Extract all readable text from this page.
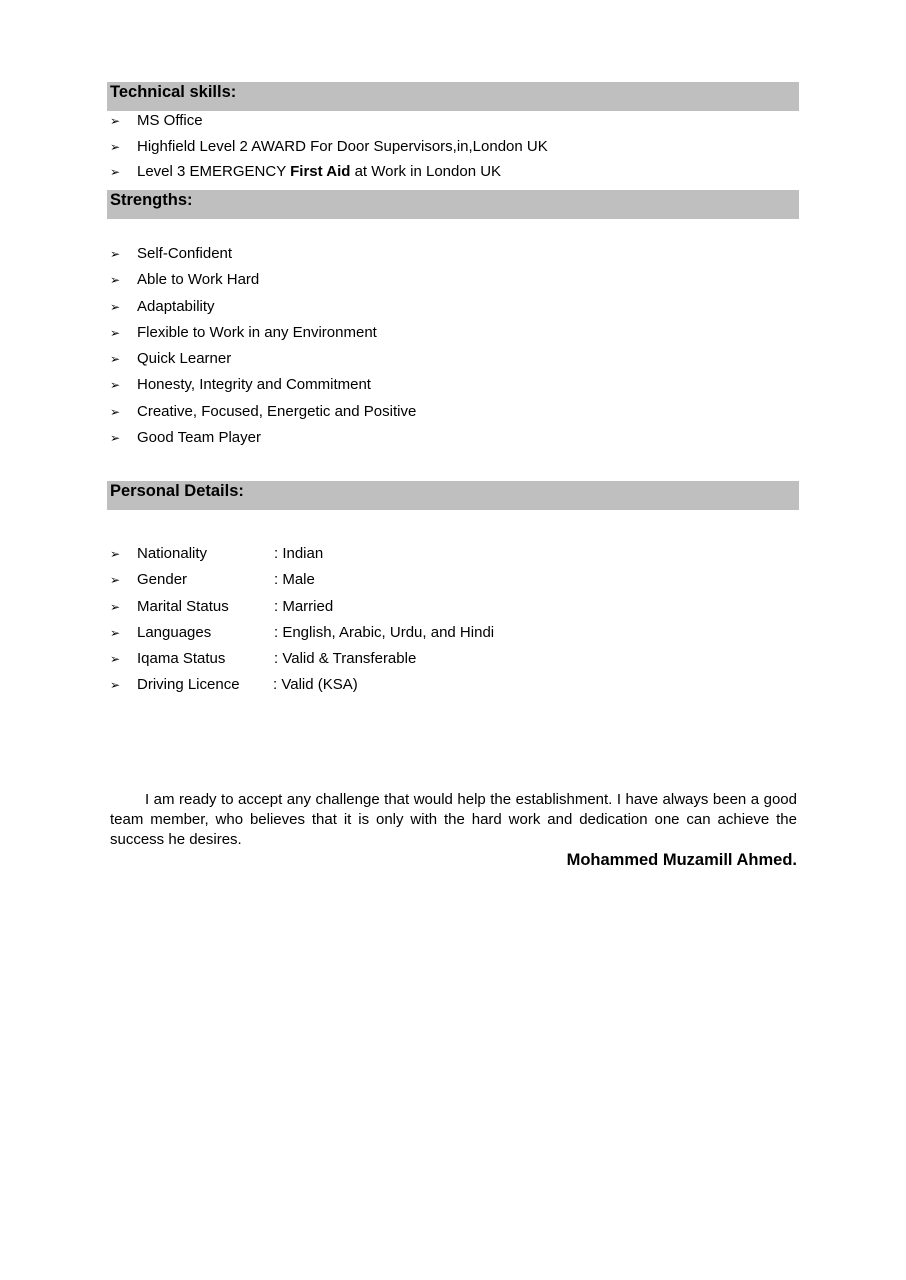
Technical skills:
➢ MS Office
➢ Highfield Level 2 AWARD For Door Supervisors,in,London UK
➢ Level 3 EMERGENCY First Aid at Work in London UK
Strengths:
➢ Self-Confident
➢ Able to Work Hard
➢ Adaptability
➢ Flexible to Work in any Environment
➢ Quick Learner
➢ Honesty, Integrity and Commitment
➢ Creative, Focused, Energetic and Positive
➢ Good Team Player
Personal Details:
➢ Nationality	: Indian
➢ Gender	: Male
➢ Marital Status	: Married
➢ Languages	: English, Arabic, Urdu, and Hindi
➢ Iqama Status	: Valid & Transferable
➢ Driving Licence : Valid (KSA)

I am ready to accept any challenge that would help the establishment. I have always been a good team member, who believes that it is only with the hard work and dedication one can achieve the success he desires.

Mohammed Muzamill Ahmed.
